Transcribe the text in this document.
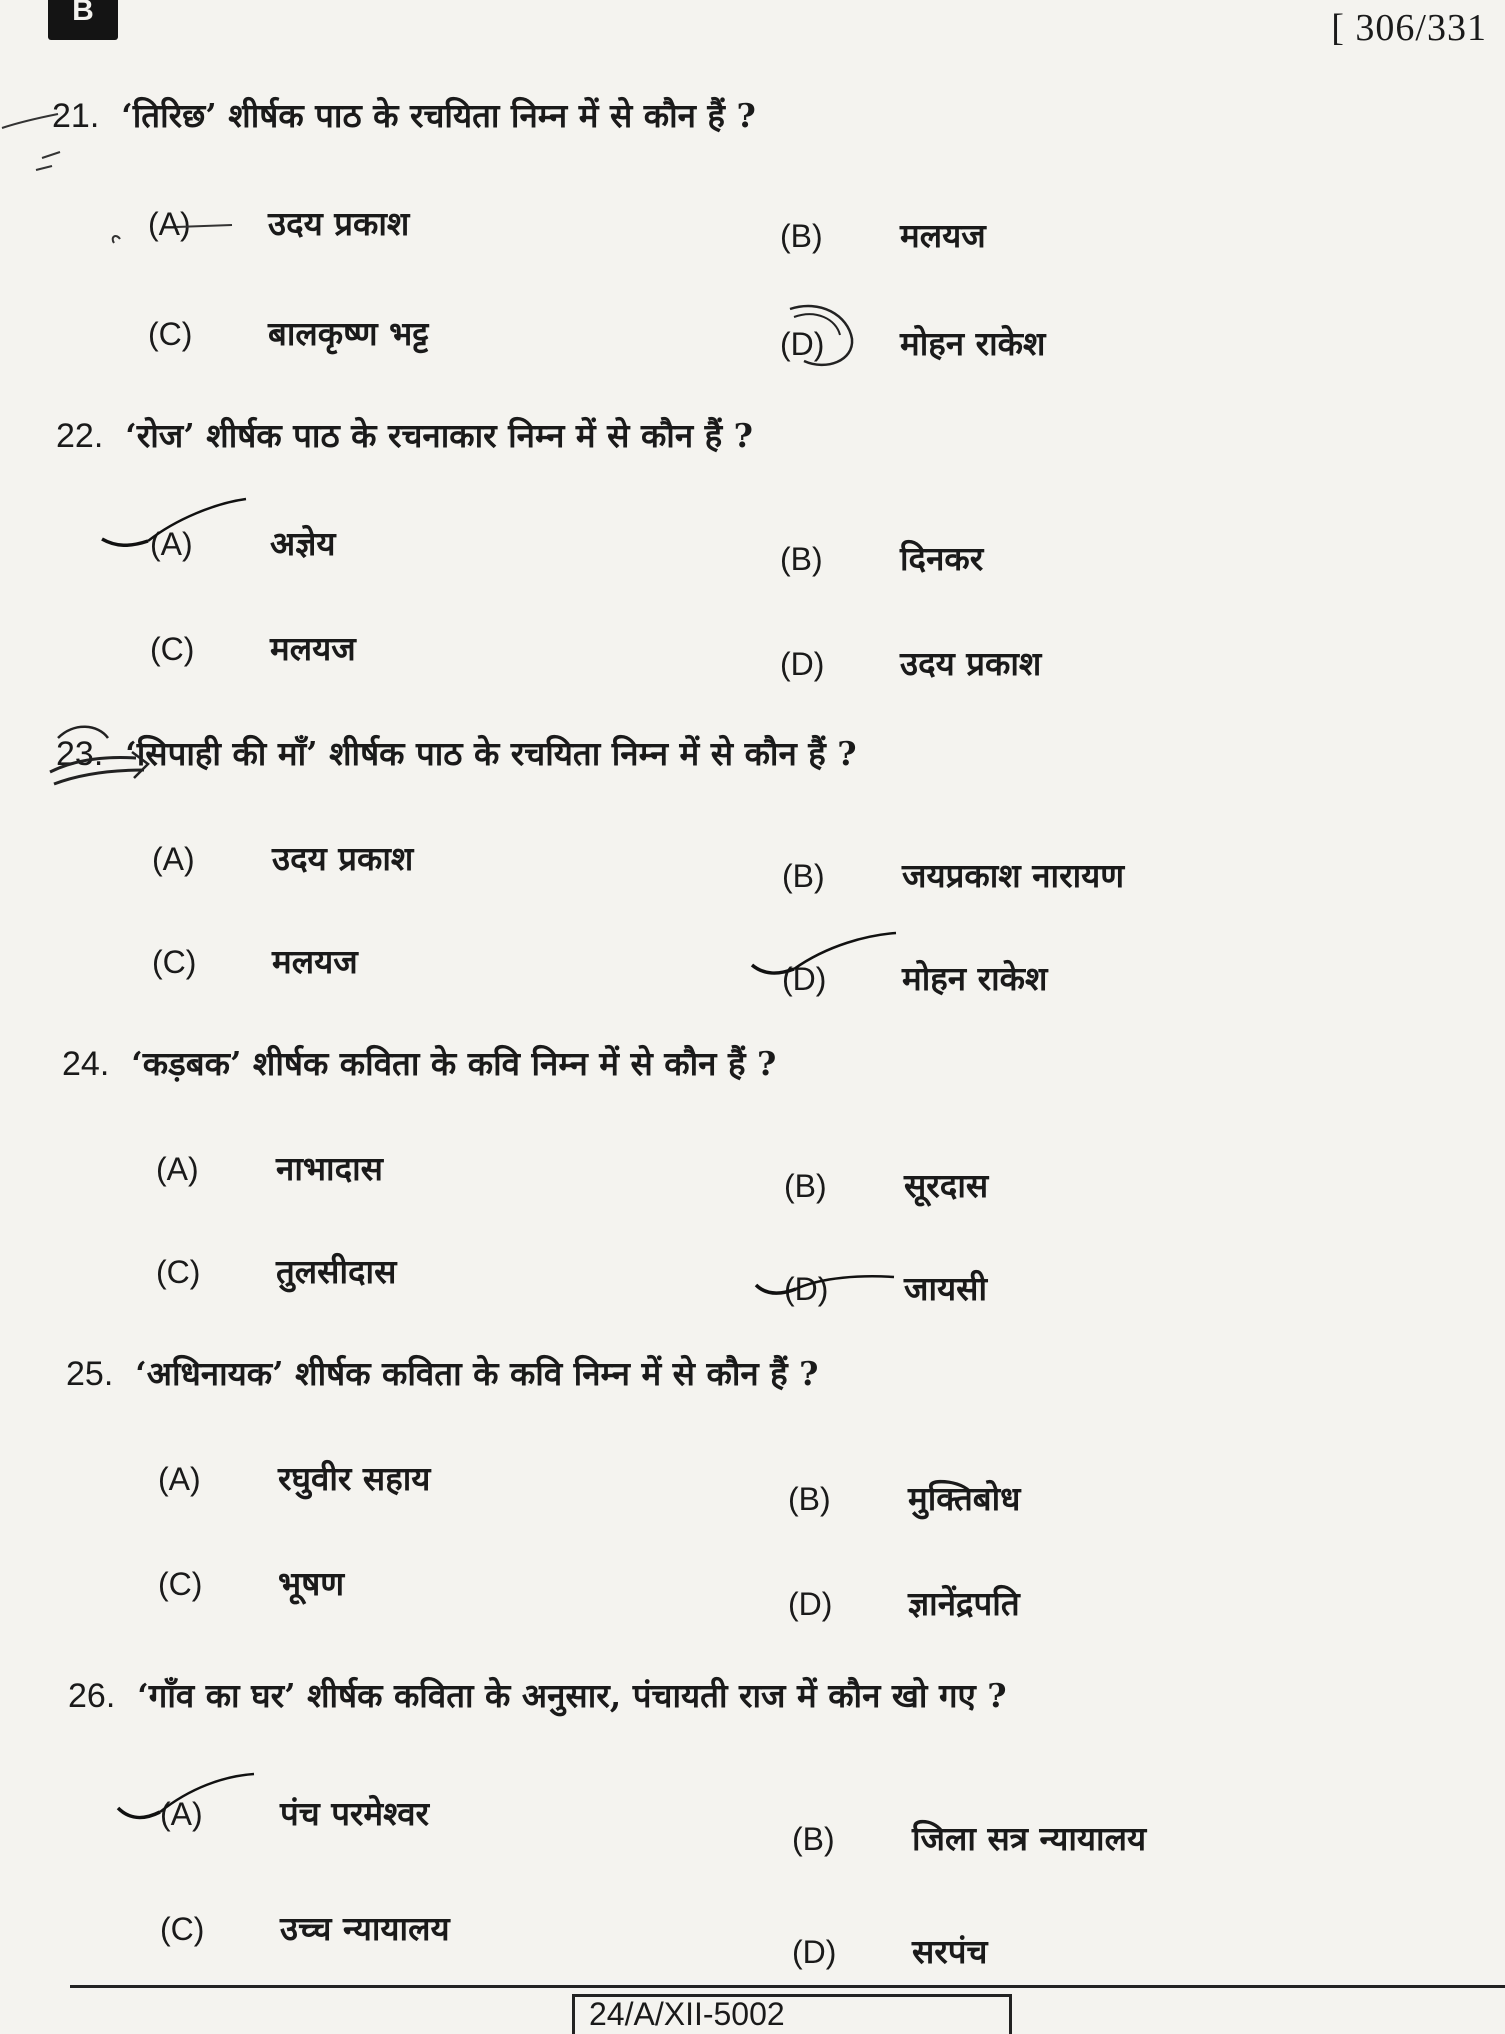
B	[ 306/331
21. ‘तिरिछ’ शीर्षक पाठ के रचयिता निम्न में से कौन हैं ?
(A) उदय प्रकाश	(B) मलयज
(C) बालकृष्ण भट्ट	(D) मोहन राकेश
22. ‘रोज’ शीर्षक पाठ के रचनाकार निम्न में से कौन हैं ?
(A) अज्ञेय	(B) दिनकर
(C) मलयज	(D) उदय प्रकाश
23. ‘सिपाही की माँ’ शीर्षक पाठ के रचयिता निम्न में से कौन हैं ?
(A) उदय प्रकाश	(B) जयप्रकाश नारायण
(C) मलयज	(D) मोहन राकेश
24. ‘कड़बक’ शीर्षक कविता के कवि निम्न में से कौन हैं ?
(A) नाभादास	(B) सूरदास
(C) तुलसीदास	(D) जायसी
25. ‘अधिनायक’ शीर्षक कविता के कवि निम्न में से कौन हैं ?
(A) रघुवीर सहाय
(B) मुक्तिबोध
(C) भूषण
(D) ज्ञानेंद्रपति
26. ‘गाँव का घर’ शीर्षक कविता के अनुसार, पंचायती राज में कौन खो गए ?
(A) पंच परमेश्वर
(B) जिला सत्र न्यायालय
(C) उच्च न्यायालय
(D) सरपंच
24/A/XII-5002
